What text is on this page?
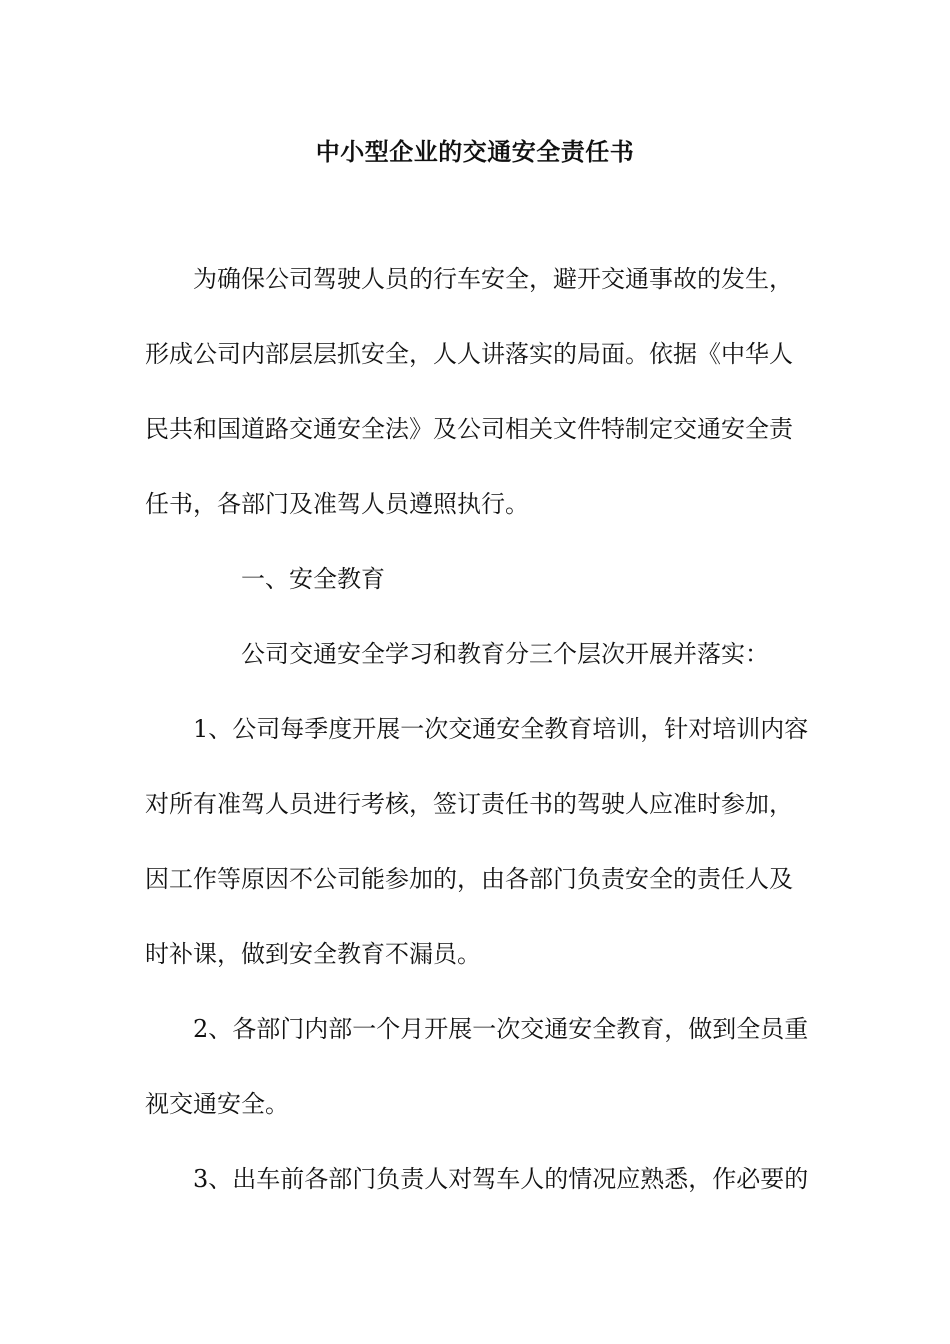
中小型企业的交通安全责任书
为确保公司驾驶人员的行车安全，避开交通事故的发生，
形成公司内部层层抓安全，人人讲落实的局面。依据《中华人
民共和国道路交通安全法》及公司相关文件特制定交通安全责
任书，各部门及准驾人员遵照执行。
一、安全教育
公司交通安全学习和教育分三个层次开展并落实：
1、公司每季度开展一次交通安全教育培训，针对培训内容
对所有准驾人员进行考核，签订责任书的驾驶人应准时参加，
因工作等原因不公司能参加的，由各部门负责安全的责任人及
时补课，做到安全教育不漏员。
2、各部门内部一个月开展一次交通安全教育，做到全员重
视交通安全。
3、出车前各部门负责人对驾车人的情况应熟悉，作必要的
